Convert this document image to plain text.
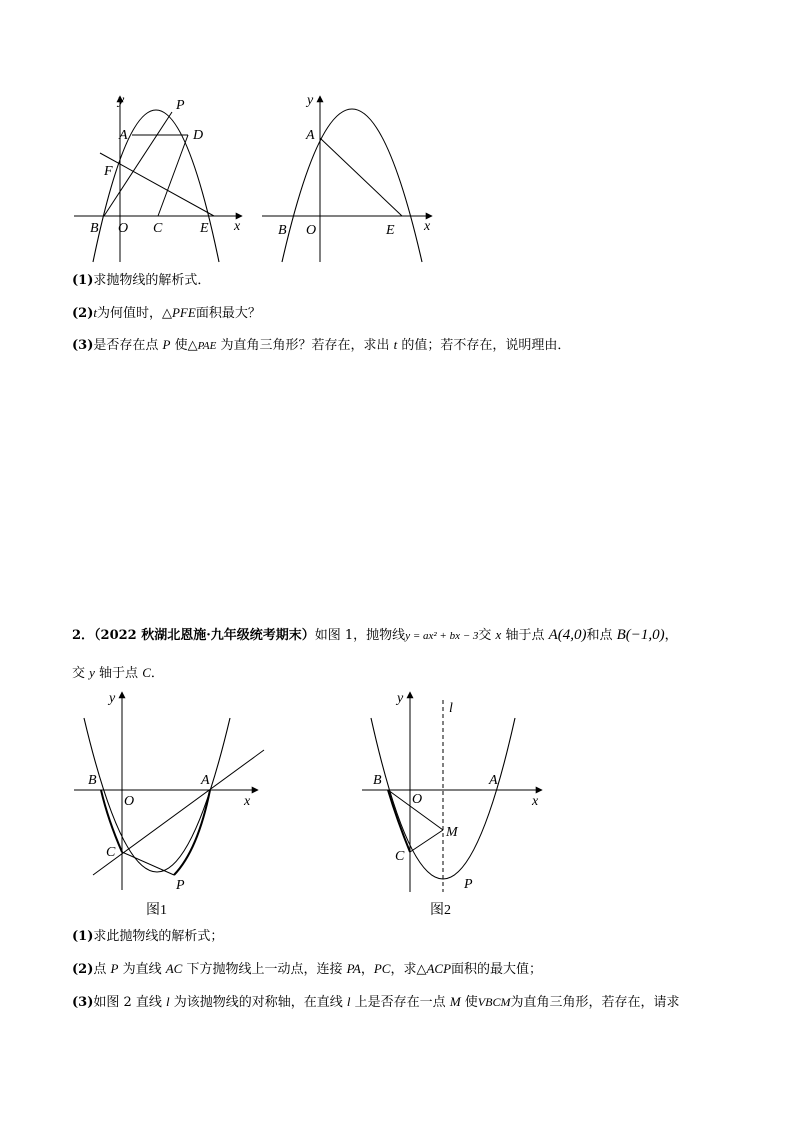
y
x
A
P
D
F
B O C	E
y
x
A
B O	E
(1)求抛物线的解析式．
(2)t为何值时，△PFE面积最大？
(3)是否存在点 P 使△PAE 为直角三角形？若存在，求出 t 的值；若不存在，说明理由．
2．（2022 秋湖北恩施·九年级统考期末）如图 1，抛物线y = ax² + bx − 3交 x 轴于点 A(4,0)和点 B(−1,0)，
交 y 轴于点 C．
y
x
A
B
O
C
P
图1
y
l
x
A
B
O
M
C
P
图2
(1)求此抛物线的解析式；
(2)点 P 为直线 AC 下方抛物线上一动点，连接 PA，PC，求△ACP面积的最大值；
(3)如图 2 直线 l 为该抛物线的对称轴，在直线 l 上是否存在一点 M 使VBCM为直角三角形，若存在，请求
